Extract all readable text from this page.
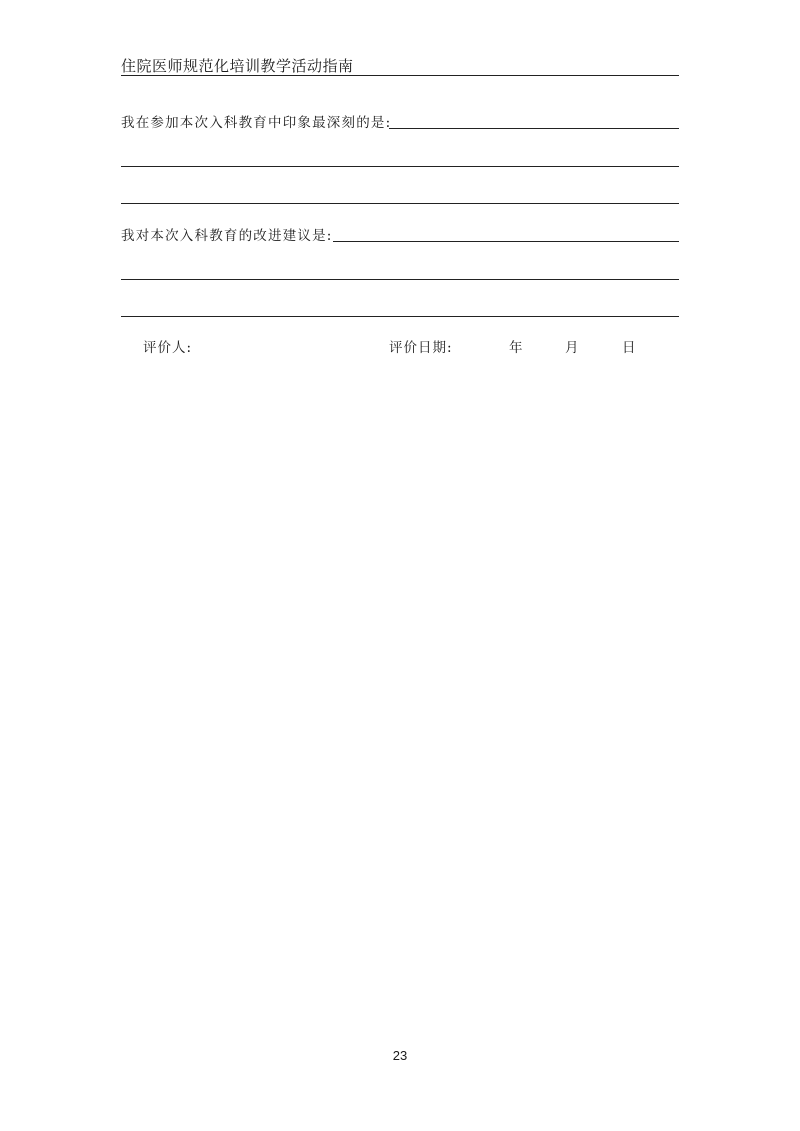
住院医师规范化培训教学活动指南
我在参加本次入科教育中印象最深刻的是:
我对本次入科教育的改进建议是:
评价人:	评价日期:	年	月	日
23
